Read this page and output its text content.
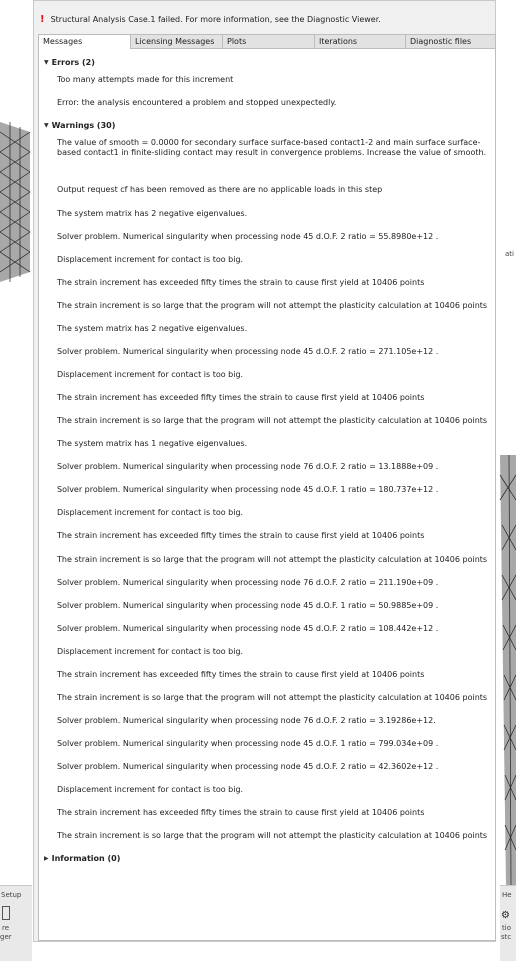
ati
Setup
re
ger
He
⚙
tio
stc
! Structural Analysis Case.1 failed. For more information, see the Diagnostic Viewer.
Messages	Licensing Messages	Plots	Iterations	Diagnostic files
▼ Errors (2)
Too many attempts made for this increment
Error: the analysis encountered a problem and stopped unexpectedly.
▼ Warnings (30)
The value of smooth = 0.0000 for secondary surface surface-based contact1-2 and main surface surface-based contact1 in finite-sliding contact may result in convergence problems. Increase the value of smooth.
Output request cf has been removed as there are no applicable loads in this step
The system matrix has 2 negative eigenvalues.
Solver problem. Numerical singularity when processing node 45 d.O.F. 2 ratio = 55.8980e+12 .
Displacement increment for contact is too big.
The strain increment has exceeded fifty times the strain to cause first yield at 10406 points
The strain increment is so large that the program will not attempt the plasticity calculation at 10406 points
The system matrix has 2 negative eigenvalues.
Solver problem. Numerical singularity when processing node 45 d.O.F. 2 ratio = 271.105e+12 .
Displacement increment for contact is too big.
The strain increment has exceeded fifty times the strain to cause first yield at 10406 points
The strain increment is so large that the program will not attempt the plasticity calculation at 10406 points
The system matrix has 1 negative eigenvalues.
Solver problem. Numerical singularity when processing node 76 d.O.F. 2 ratio = 13.1888e+09 .
Solver problem. Numerical singularity when processing node 45 d.O.F. 1 ratio = 180.737e+12 .
Displacement increment for contact is too big.
The strain increment has exceeded fifty times the strain to cause first yield at 10406 points
The strain increment is so large that the program will not attempt the plasticity calculation at 10406 points
Solver problem. Numerical singularity when processing node 76 d.O.F. 2 ratio = 211.190e+09 .
Solver problem. Numerical singularity when processing node 45 d.O.F. 1 ratio = 50.9885e+09 .
Solver problem. Numerical singularity when processing node 45 d.O.F. 2 ratio = 108.442e+12 .
Displacement increment for contact is too big.
The strain increment has exceeded fifty times the strain to cause first yield at 10406 points
The strain increment is so large that the program will not attempt the plasticity calculation at 10406 points
Solver problem. Numerical singularity when processing node 76 d.O.F. 2 ratio = 3.19286e+12.
Solver problem. Numerical singularity when processing node 45 d.O.F. 1 ratio = 799.034e+09 .
Solver problem. Numerical singularity when processing node 45 d.O.F. 2 ratio = 42.3602e+12 .
Displacement increment for contact is too big.
The strain increment has exceeded fifty times the strain to cause first yield at 10406 points
The strain increment is so large that the program will not attempt the plasticity calculation at 10406 points
▶ Information (0)
